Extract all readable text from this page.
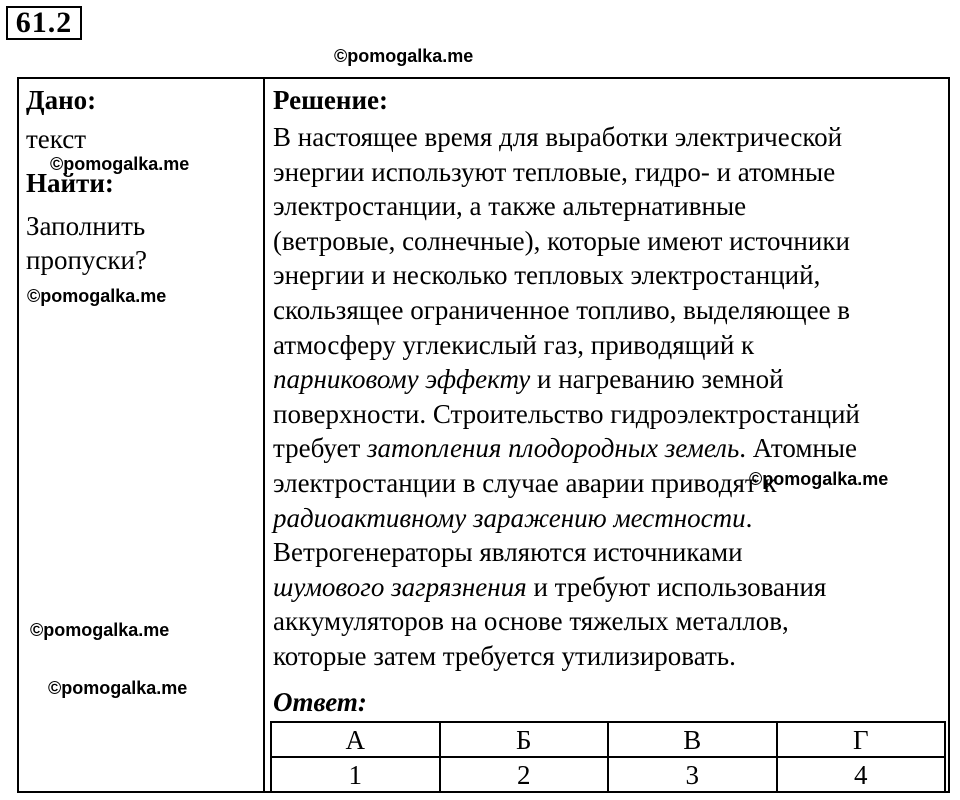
61.2
©pomogalka.me
©pomogalka.me
©pomogalka.me
©pomogalka.me
©pomogalka.me
Дано:
текст
Найти:
Заполнить
пропуски?
Решение:
В настоящее время для выработки электрической
энергии используют тепловые, гидро- и атомные
электростанции, а также альтернативные
(ветровые, солнечные), которые имеют источники
энергии и несколько тепловых электростанций,
скользящее ограниченное топливо, выделяющее в
атмосферу углекислый газ, приводящий к
парниковому эффекту и нагреванию земной
поверхности. Строительство гидроэлектростанций
требует затопления плодородных земель. Атомные
электростанции в случае аварии приводят к
радиоактивному заражению местности.
Ветрогенераторы являются источниками
шумового загрязнения и требуют использования
аккумуляторов на основе тяжелых металлов,
которые затем требуется утилизировать.
©pomogalka.me
Ответ:
А	Б	В	Г
1	2	3	4
